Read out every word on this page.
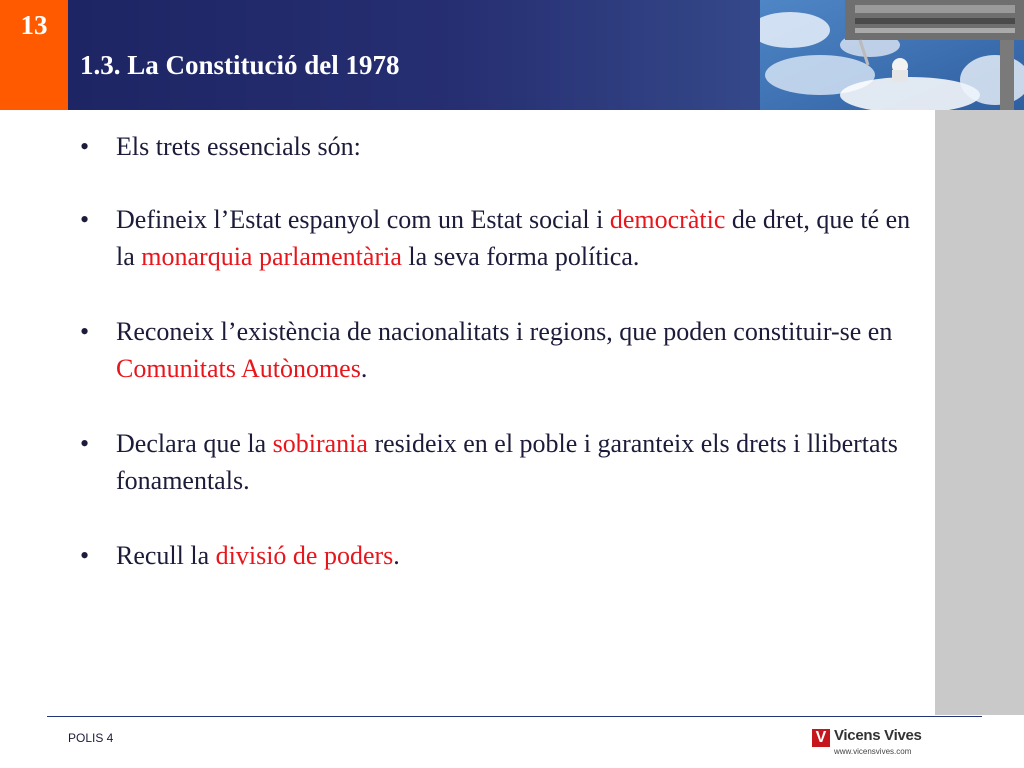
13
1.3. La Constitució del 1978
• Els trets essencials són:
• Defineix l’Estat espanyol com un Estat social i democràtic de dret, que té en la monarquia parlamentària la seva forma política.
• Reconeix l’existència de nacionalitats i regions, que poden constituir-se en Comunitats Autònomes.
• Declara que la sobirania resideix en el poble i garanteix els drets i llibertats fonamentals.
• Recull la divisió de poders.
POLIS 4	V Vicens Vives
www.vicensvives.com
